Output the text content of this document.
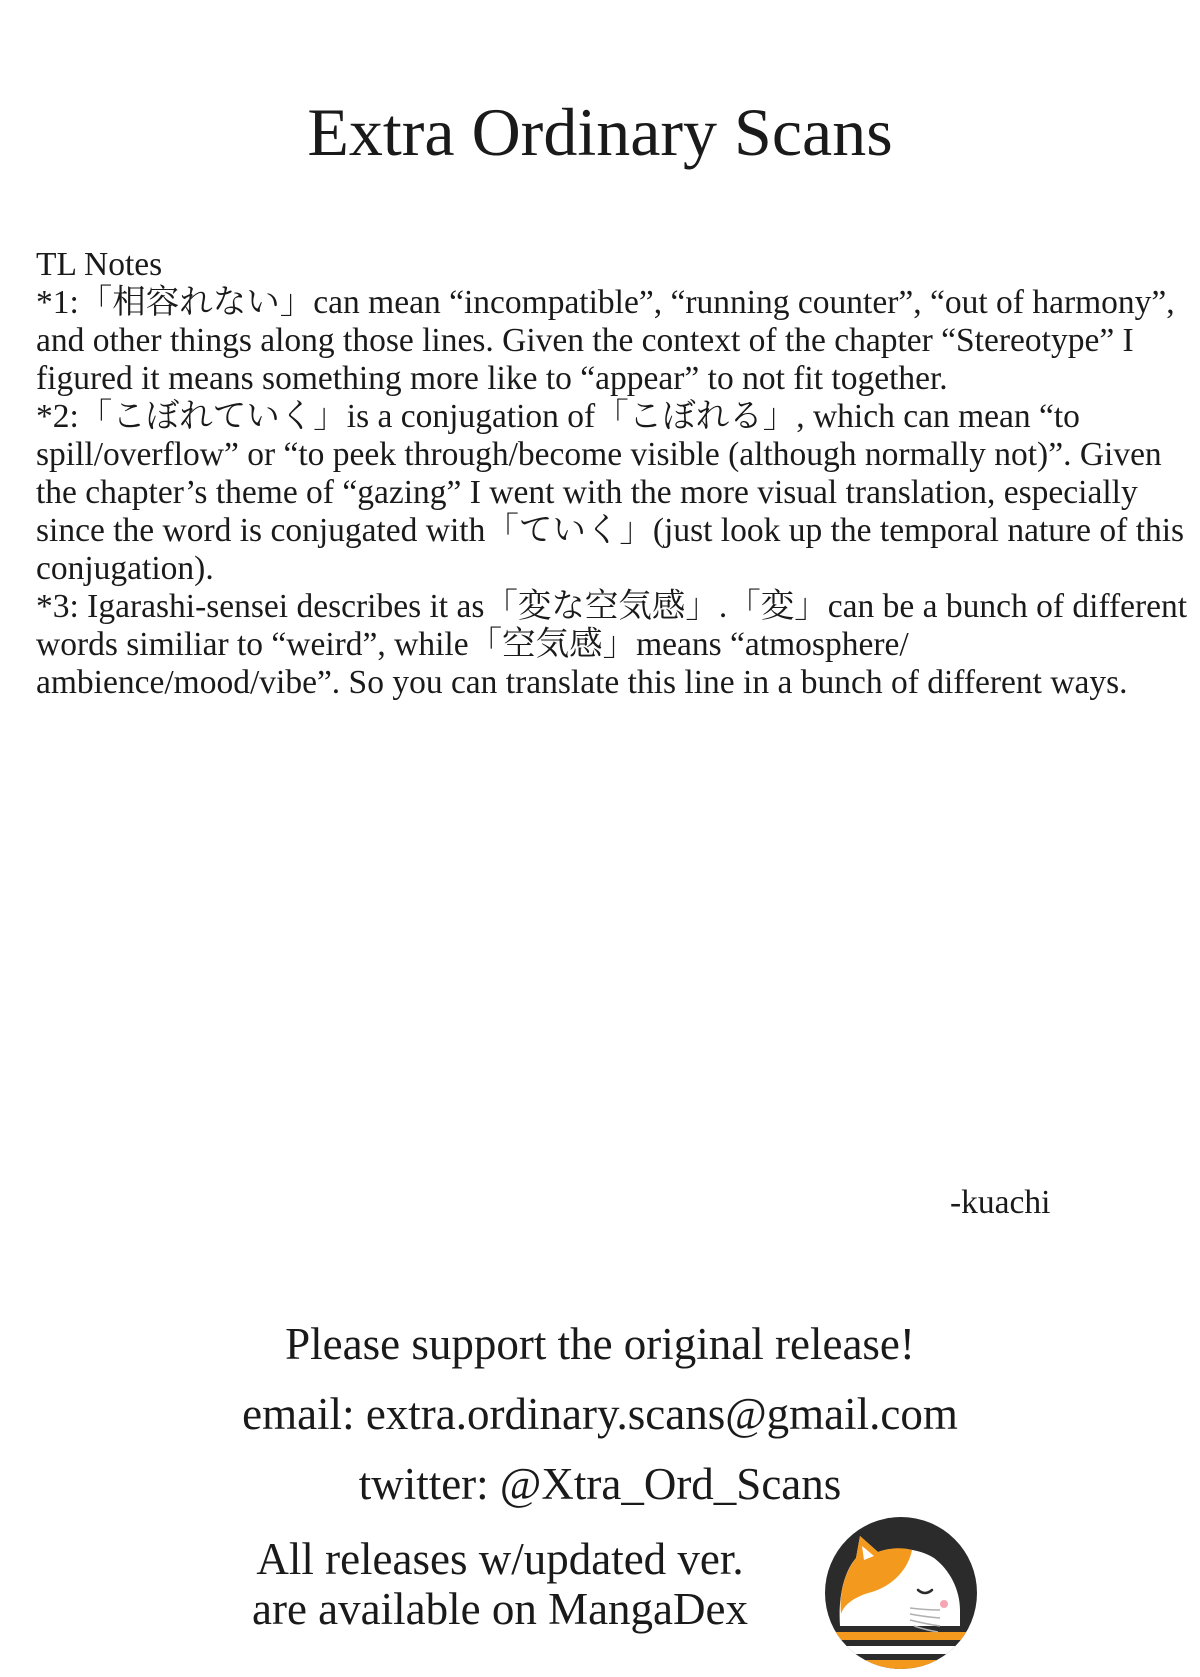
Extra Ordinary Scans

TL Notes

*1:「相容れない」can mean “incompatible”, “running counter”, “out of harmony”, and other things along those lines. Given the context of the chapter “Stereotype” I figured it means something more like to “appear” to not fit together.

*2:「こぼれていく」is a conjugation of「こぼれる」, which can mean “to spill/overflow” or “to peek through/become visible (although normally not)”. Given the chapter’s theme of “gazing” I went with the more visual translation, especially since the word is conjugated with「ていく」(just look up the temporal nature of this conjugation).

*3: Igarashi-sensei describes it as「変な空気感」.「変」can be a bunch of different words similiar to “weird”, while「空気感」means “atmosphere/ ambience/mood/vibe”. So you can translate this line in a bunch of different ways.

-kuachi
Please support the original release!
email: extra.ordinary.scans@gmail.com
twitter: @Xtra_Ord_Scans
All releases w/updated ver.
are available on MangaDex
